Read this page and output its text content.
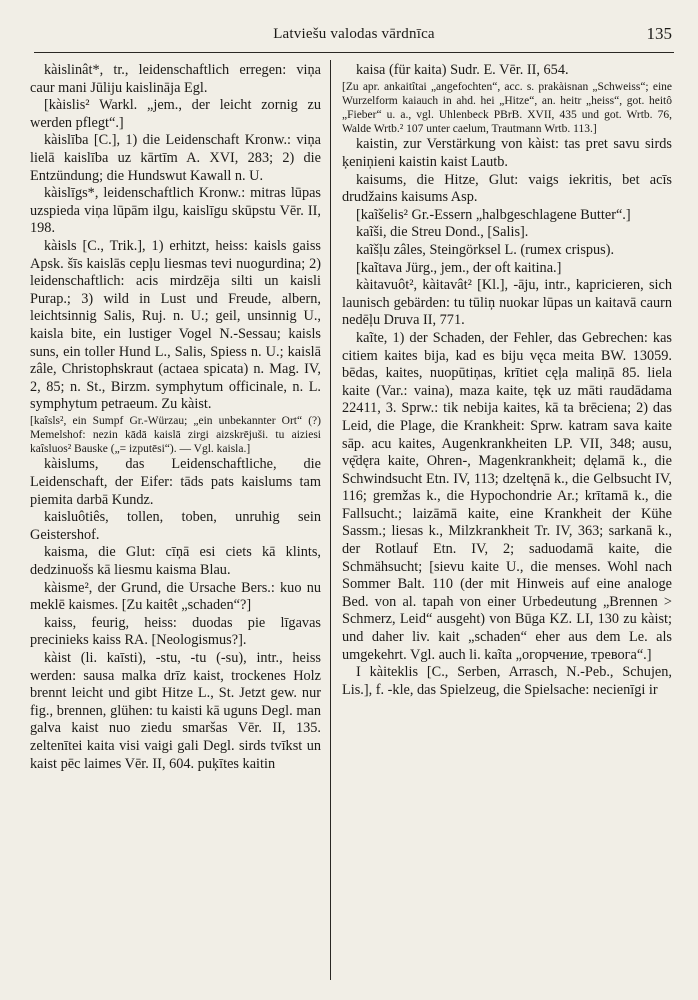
Latviešu valodas vārdnīca	135

kàislinât*, tr., leidenschaftlich erregen: viņa caur mani Jūliju kaislināja Egl.

[kàislis² Warkl. „jem., der leicht zornig zu werden pflegt“.]

kàislība [C.], 1) die Leidenschaft Kronw.: viņa lielā kaislība uz kārtīm A. XVI, 283; 2) die Entzündung; die Hundswut Kawall n. U.

kàislīgs*, leidenschaftlich Kronw.: mitras lūpas uzspieda viņa lūpām ilgu, kaislīgu skūpstu Vēr. II, 198.

kàisls [C., Trik.], 1) erhitzt, heiss: kaisls gaiss Apsk. šīs kaislās cepļu liesmas tevi nuogurdina; 2) leidenschaftlich: acis mirdzēja silti un kaisli Purap.; 3) wild in Lust und Freude, albern, leichtsinnig Salis, Ruj. n. U.; geil, unsinnig U., kaisla bite, ein lustiger Vogel N.-Sessau; kaisls suns, ein toller Hund L., Salis, Spiess n. U.; kaislā zâle, Christophskraut (actaea spicata) n. Mag. IV, 2, 85; n. St., Birzm. symphytum officinale, n. L. symphytum petraeum. Zu kàist.

[kaîsls², ein Sumpf Gr.-Würzau; „ein unbekannter Ort“ (?) Memelshof: nezin kādā kaislā zirgi aizskrējuši. tu aiziesi kaîsluos² Bauske („= izputēsi“). — Vgl. kaisla.]

kàislums, das Leidenschaftliche, die Leidenschaft, der Eifer: tāds pats kaislums tam piemita darbā Kundz.

kaisluôtiês, tollen, toben, unruhig sein Geistershof.

kaisma, die Glut: cīņā esi ciets kā klints, dedzinuošs kā liesmu kaisma Blau.

kàisme², der Grund, die Ursache Bers.: kuo nu meklē kaismes. [Zu kaitêt „schaden“?]

kaiss, feurig, heiss: duodas pie līgavas precinieks kaiss RA. [Neologismus?].

kàist (li. kaīsti), -stu, -tu (-su), intr., heiss werden: sausa malka drīz kaist, trockenes Holz brennt leicht und gibt Hitze L., St. Jetzt gew. nur fig., brennen, glühen: tu kaisti kā uguns Degl. man galva kaist nuo ziedu smaršas Vēr. II, 135. zeltenītei kaita visi vaigi gali Degl. sirds tvīkst un kaist pēc laimes Vēr. II, 604. puķītes kaitin

kaisa (für kaita) Sudr. E. Vēr. II, 654.

[Zu apr. ankaitîtai „angefochten“, acc. s. prakàisnan „Schweiss“; eine Wurzelform kaiauch in ahd. hei „Hitze“, an. heitr „heiss“, got. heitô „Fieber“ u. a., vgl. Uhlenbeck PBrB. XVII, 435 und got. Wrtb. 76, Walde Wrtb.² 107 unter caelum, Trautmann Wrtb. 113.]

kaistin, zur Verstärkung von kàist: tas pret savu sirds ķeniņieni kaistin kaist Lautb.

kaisums, die Hitze, Glut: vaigs iekritis, bet acīs drudžains kaisums Asp.

[kaĩšelis² Gr.-Essern „halbgeschlagene Butter“.]

kaĩši, die Streu Dond., [Salis].

kaĩšļu zâles, Steingörksel L. (rumex crispus).

[kaĩtava Jürg., jem., der oft kaitina.]

kàitavuôt², kàitavât² [Kl.], -āju, intr., kapricieren, sich launisch gebärden: tu tūliņ nuokar lūpas un kaitavā caurn nedēļu Druva II, 771.

kaĩte, 1) der Schaden, der Fehler, das Gebrechen: kas citiem kaites bija, kad es biju vęca meita BW. 13059. bēdas, kaites, nuopūtiņas, krītiet cęļa maliņā 85. liela kaite (Var.: vaina), maza kaite, tęk uz māti raudādama 22411, 3. Sprw.: tik nebija kaites, kā ta brēciena; 2) das Leid, die Plage, die Krankheit: Sprw. katram sava kaite sāp. acu kaites, Augenkrankheiten LP. VII, 348; ausu, vę̄dęra kaite, Ohren-, Magenkrankheit; dęlamā k., die Schwindsucht Etn. IV, 113; dzeltęnā k., die Gelbsucht IV, 116; gremžas k., die Hypochondrie Ar.; krītamā k., die Fallsucht.; laizāmā kaite, eine Krankheit der Kühe Sassm.; liesas k., Milzkrankheit Tr. IV, 363; sarkanā k., der Rotlauf Etn. IV, 2; saduodamā kaite, die Schmähsucht; [sievu kaite U., die menses. Wohl nach Sommer Balt. 110 (der mit Hinweis auf eine analoge Bed. von al. tapah von einer Urbedeutung „Brennen > Schmerz, Leid“ ausgeht) von Būga KZ. LI, 130 zu kàist; und daher liv. kait „schaden“ eher aus dem Le. als umgekehrt. Vgl. auch li. kaĩta „огорчение, тревога“.]

I kàiteklis [C., Serben, Arrasch, N.-Peb., Schujen, Lis.], f. -kle, das Spielzeug, die Spielsache: necienīgi ir
